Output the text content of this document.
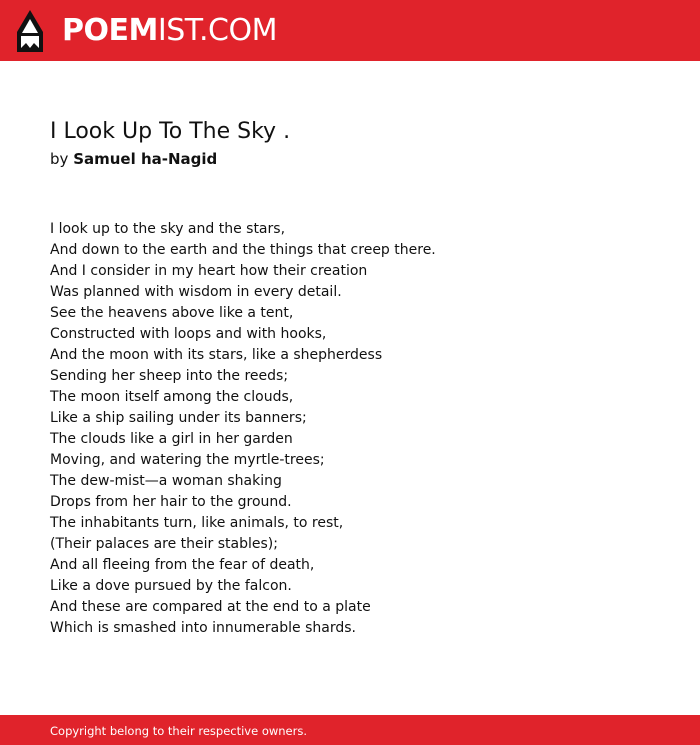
POEMIST.COM
I Look Up To The Sky .
by Samuel ha-Nagid
I look up to the sky and the stars,
And down to the earth and the things that creep there.
And I consider in my heart how their creation
Was planned with wisdom in every detail.
See the heavens above like a tent,
Constructed with loops and with hooks,
And the moon with its stars, like a shepherdess
Sending her sheep into the reeds;
The moon itself among the clouds,
Like a ship sailing under its banners;
The clouds like a girl in her garden
Moving, and watering the myrtle-trees;
The dew-mist—a woman shaking
Drops from her hair to the ground.
The inhabitants turn, like animals, to rest,
(Their palaces are their stables);
And all fleeing from the fear of death,
Like a dove pursued by the falcon.
And these are compared at the end to a plate
Which is smashed into innumerable shards.
Copyright belong to their respective owners.
